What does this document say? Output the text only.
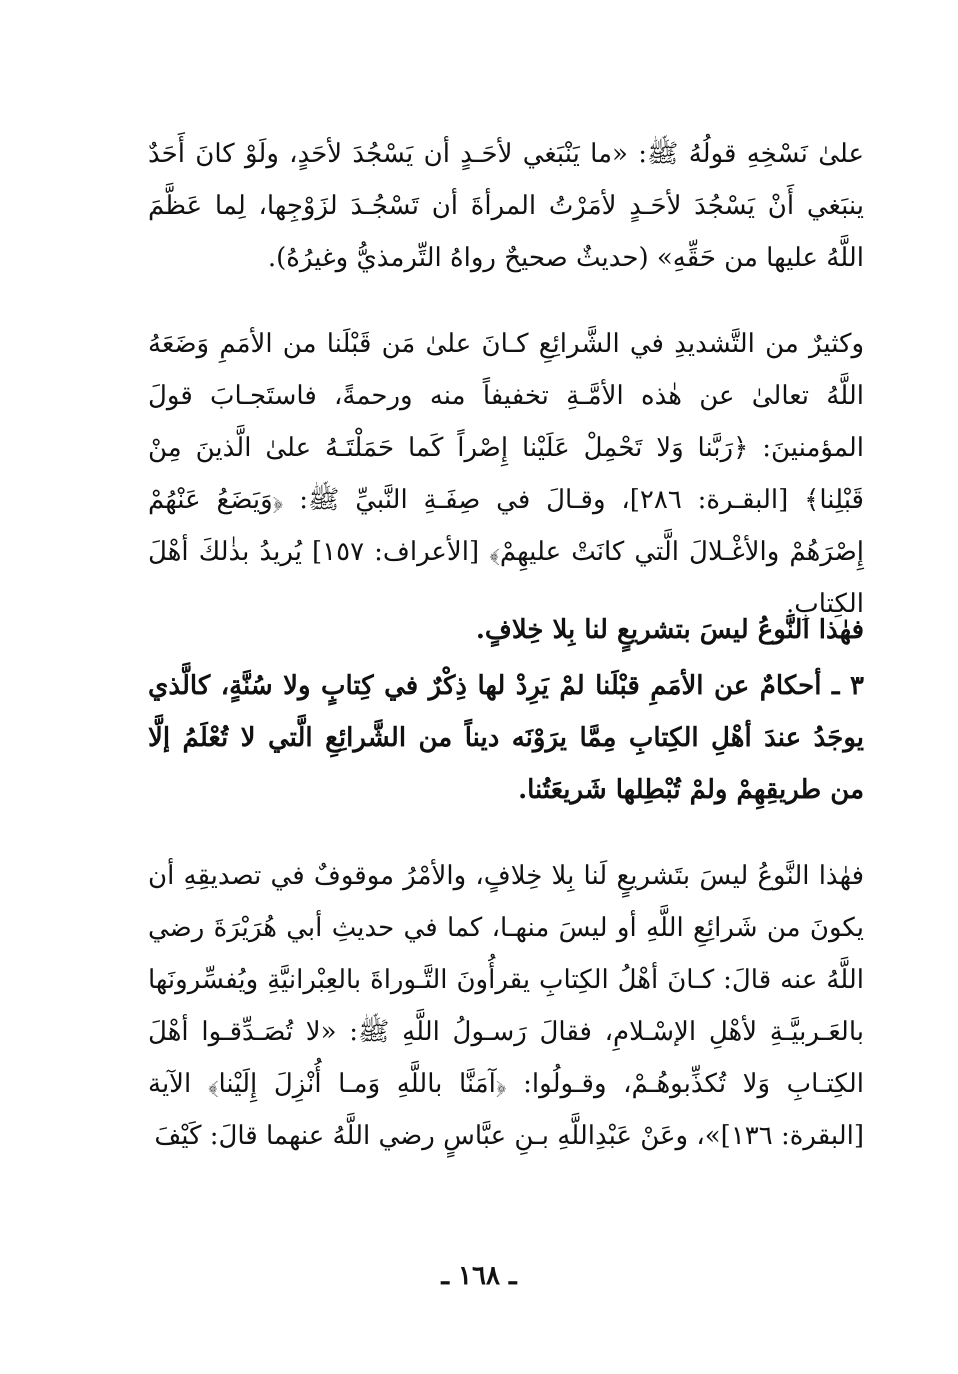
علىٰ نَسْخِهِ قولُهُ ﷺ: «ما يَنْبَغي لأحَـدٍ أن يَسْجُدَ لأحَدٍ، ولَوْ كانَ أَحَدٌ ينبَغي أَنْ يَسْجُدَ لأحَـدٍ لأمَرْتُ المرأةَ أن تَسْجُـدَ لزَوْجِها، لِما عَظَّمَ اللَّهُ عليها من حَقِّهِ» (حديثٌ صحيحٌ رواهُ التِّرمذيُّ وغيرُهُ).

وكثيرٌ من التَّشديدِ في الشَّرائِعِ كـانَ علىٰ مَن قَبْلَنا من الأمَمِ وَضَعَهُ اللَّهُ تعالىٰ عن هٰذه الأمَّـةِ تخفيفاً منه ورحمةً، فاستَجـابَ قولَ المؤمنينَ: ﴿رَبَّنا وَلا تَحْمِلْ عَلَيْنا إِصْراً كَما حَمَلْتَـهُ علىٰ الَّذينَ مِنْ قَبْلِنا﴾ [البقـرة: ٢٨٦]، وقـالَ في صِفَـةِ النَّبيِّ ﷺ: ﴿وَيَضَعُ عَنْهُمْ إِصْرَهُمْ والأغْـلالَ الَّتي كانَتْ عليهِمْ﴾ [الأعراف: ١٥٧] يُريدُ بذٰلكَ أهْلَ الكِتابِ.

فهٰذا النَّوعُ ليسَ بتشريعٍ لنا بِلا خِلافٍ.

٣ ـ أحكامٌ عن الأمَمِ قبْلَنا لمْ يَرِدْ لها ذِكْرٌ في كِتابٍ ولا سُنَّةٍ، كالَّذي يوجَدُ عندَ أهْلِ الكِتابِ مِمَّا يرَوْنَه ديناً من الشَّرائِعِ الَّتي لا تُعْلَمُ إلَّا من طريقِهِمْ ولمْ تُبْطِلها شَريعَتُنا.

فهٰذا النَّوعُ ليسَ بتَشريعٍ لَنا بِلا خِلافٍ، والأمْرُ موقوفٌ في تصديقِهِ أن يكونَ من شَرائِعِ اللَّهِ أو ليسَ منهـا، كما في حديثِ أبي هُرَيْرَةَ رضي اللَّهُ عنه قالَ: كـانَ أهْلُ الكِتابِ يقرأُونَ التَّـوراةَ بالعِبْرانيَّةِ ويُفسِّرونَها بالعَـربيَّـةِ لأهْلِ الإسْـلامِ، فقالَ رَسـولُ اللَّهِ ﷺ: «لا تُصَـدِّقـوا أهْلَ الكِتـابِ وَلا تُكذِّبوهُـمْ، وقـولُوا: ﴿آمَنَّا باللَّهِ وَمـا أُنْزِلَ إِلَيْنا﴾ الآية [البقرة: ١٣٦]»، وعَنْ عَبْدِاللَّهِ بـنِ عبَّاسٍ رضي اللَّهُ عنهما قالَ: كَيْفَ

ـ ١٦٨ ـ
